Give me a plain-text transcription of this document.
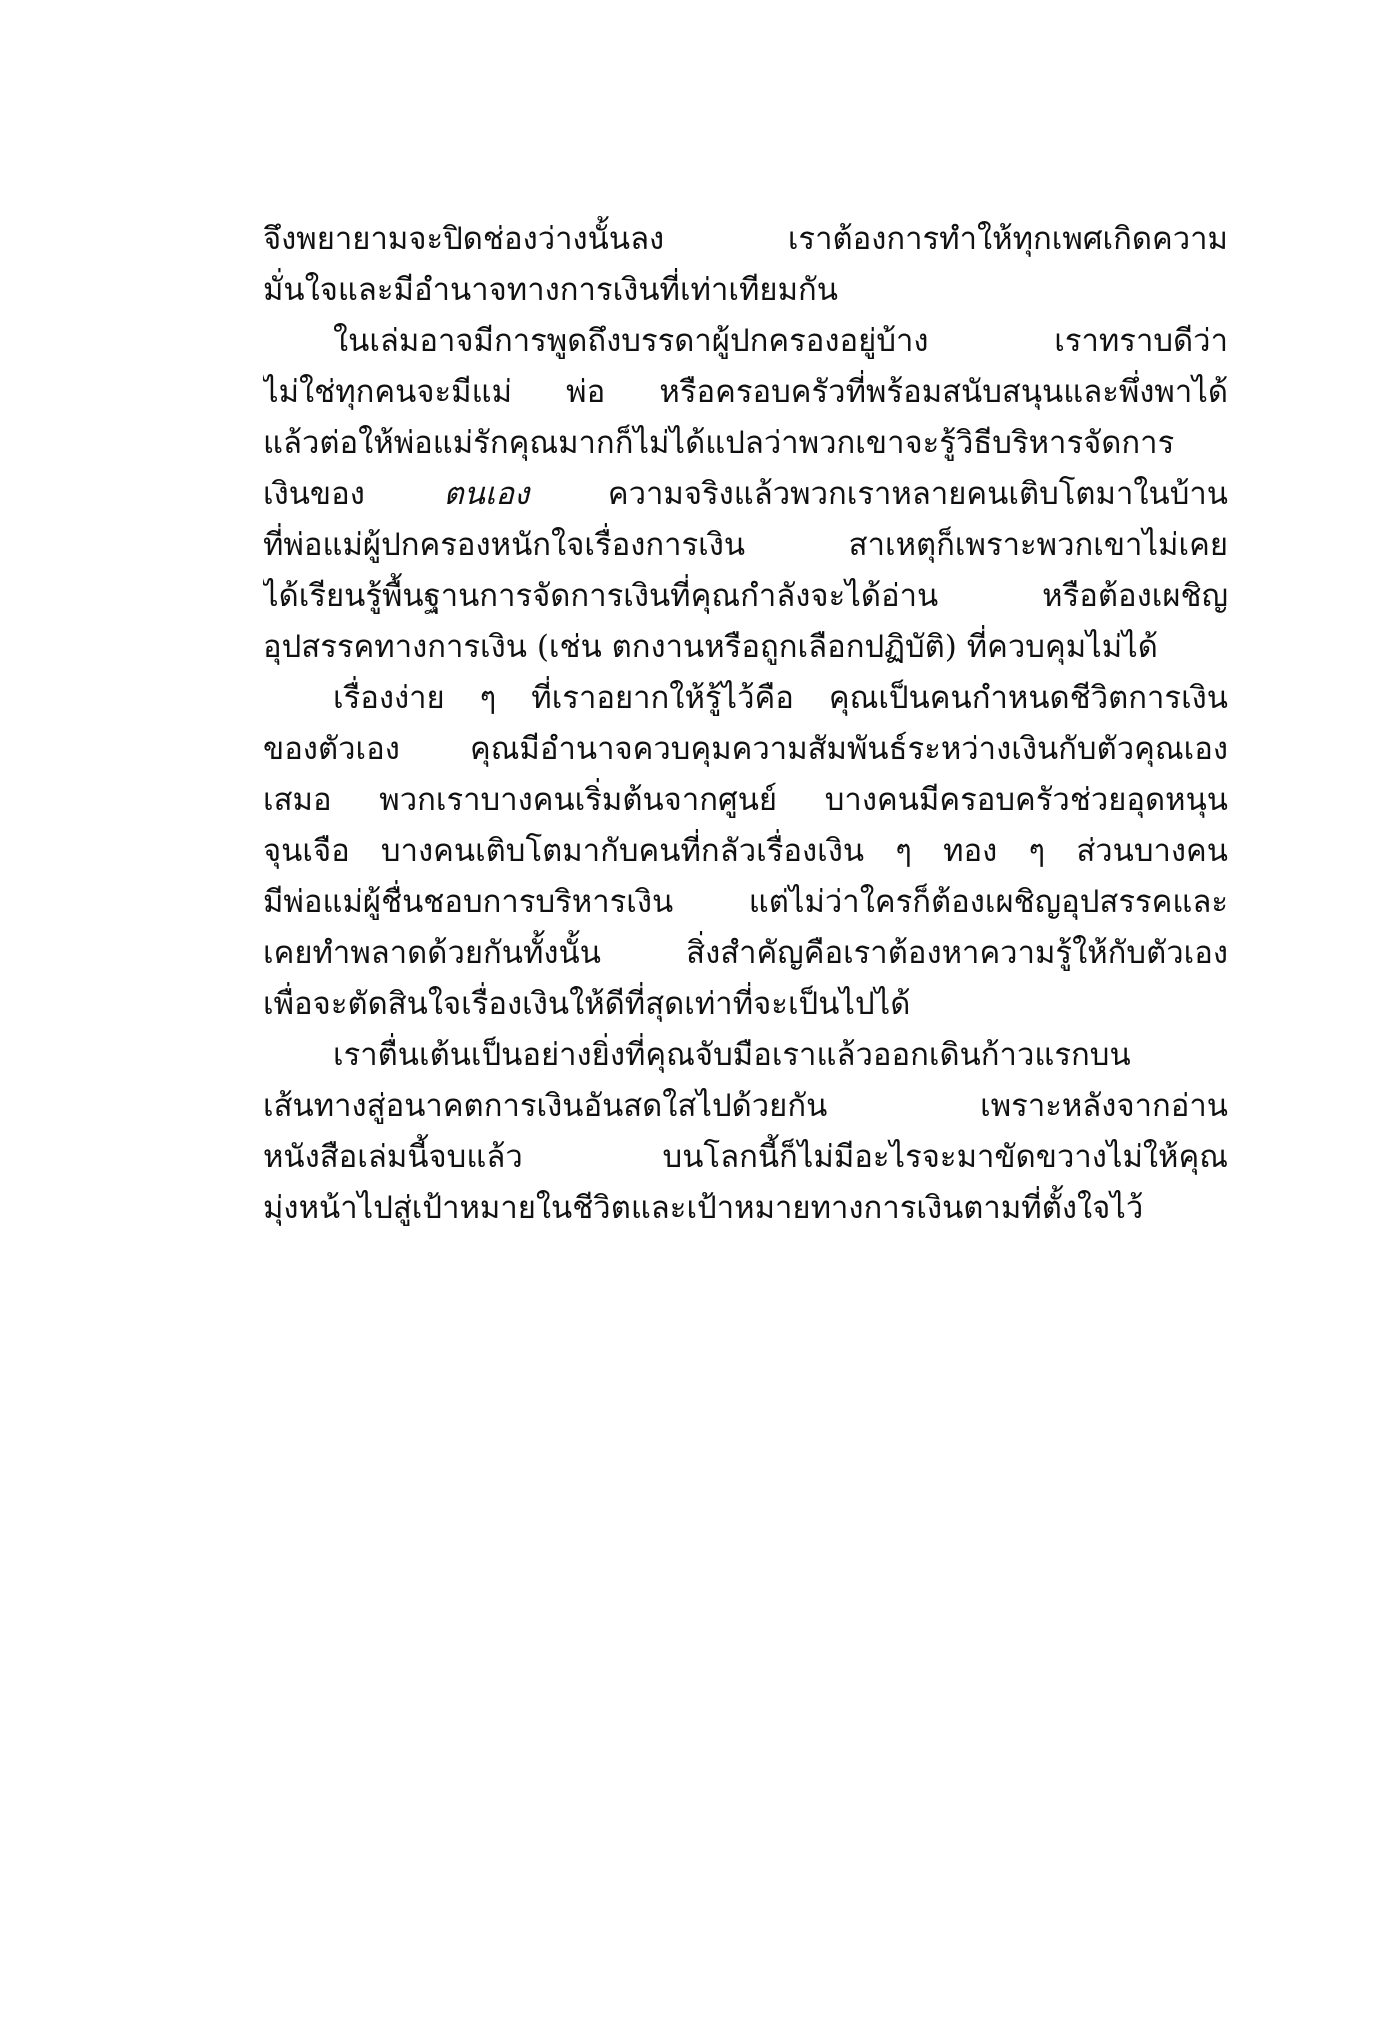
จึงพยายามจะปิดช่องว่างนั้นลง เราต้องการทำให้ทุกเพศเกิดความ
มั่นใจและมีอำนาจทางการเงินที่เท่าเทียมกัน
ในเล่มอาจมีการพูดถึงบรรดาผู้ปกครองอยู่บ้าง เราทราบดีว่า
ไม่ใช่ทุกคนจะมีแม่ พ่อ หรือครอบครัวที่พร้อมสนับสนุนและพึ่งพาได้
แล้วต่อให้พ่อแม่รักคุณมากก็ไม่ได้แปลว่าพวกเขาจะรู้วิธีบริหารจัดการ
เงินของ ตนเอง ความจริงแล้วพวกเราหลายคนเติบโตมาในบ้าน
ที่พ่อแม่ผู้ปกครองหนักใจเรื่องการเงิน สาเหตุก็เพราะพวกเขาไม่เคย
ได้เรียนรู้พื้นฐานการจัดการเงินที่คุณกำลังจะได้อ่าน หรือต้องเผชิญ
อุปสรรคทางการเงิน (เช่น ตกงานหรือถูกเลือกปฏิบัติ) ที่ควบคุมไม่ได้
เรื่องง่าย ๆ ที่เราอยากให้รู้ไว้คือ คุณเป็นคนกำหนดชีวิตการเงิน
ของตัวเอง คุณมีอำนาจควบคุมความสัมพันธ์ระหว่างเงินกับตัวคุณเอง
เสมอ พวกเราบางคนเริ่มต้นจากศูนย์ บางคนมีครอบครัวช่วยอุดหนุน
จุนเจือ บางคนเติบโตมากับคนที่กลัวเรื่องเงิน ๆ ทอง ๆ ส่วนบางคน
มีพ่อแม่ผู้ชื่นชอบการบริหารเงิน แต่ไม่ว่าใครก็ต้องเผชิญอุปสรรคและ
เคยทำพลาดด้วยกันทั้งนั้น สิ่งสำคัญคือเราต้องหาความรู้ให้กับตัวเอง
เพื่อจะตัดสินใจเรื่องเงินให้ดีที่สุดเท่าที่จะเป็นไปได้
เราตื่นเต้นเป็นอย่างยิ่งที่คุณจับมือเราแล้วออกเดินก้าวแรกบน
เส้นทางสู่อนาคตการเงินอันสดใสไปด้วยกัน เพราะหลังจากอ่าน
หนังสือเล่มนี้จบแล้ว บนโลกนี้ก็ไม่มีอะไรจะมาขัดขวางไม่ให้คุณ
มุ่งหน้าไปสู่เป้าหมายในชีวิตและเป้าหมายทางการเงินตามที่ตั้งใจไว้
